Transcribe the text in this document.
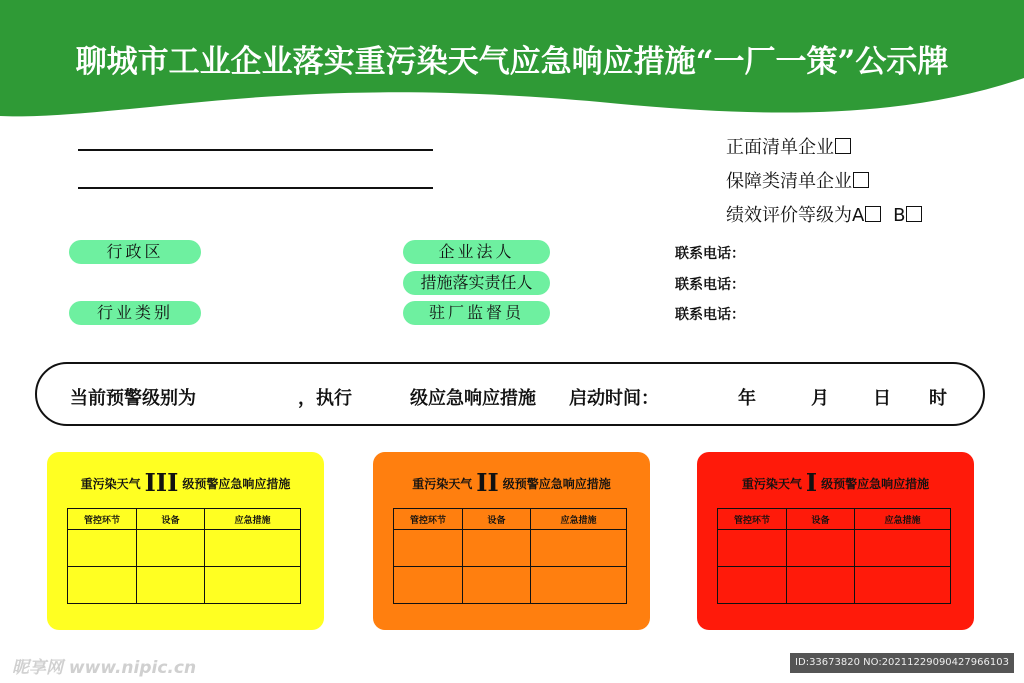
聊城市工业企业落实重污染天气应急响应措施“一厂一策”公示牌
正面清单企业
保障类清单企业
绩效评价等级为A B
行政区
行业类别
企业法人
措施落实责任人
驻厂监督员
联系电话：
联系电话：
联系电话：
当前预警级别为	，执行	级应急响应措施 启动时间：	年	月 日 时
重污染天气 III 级预警应急响应措施
管控环节	设备	应急措施

重污染天气 II 级预警应急响应措施
管控环节	设备	应急措施

重污染天气 I 级预警应急响应措施
管控环节	设备	应急措施

昵享网 www.nipic.cn	ID:33673820 NO:20211229090427966103
